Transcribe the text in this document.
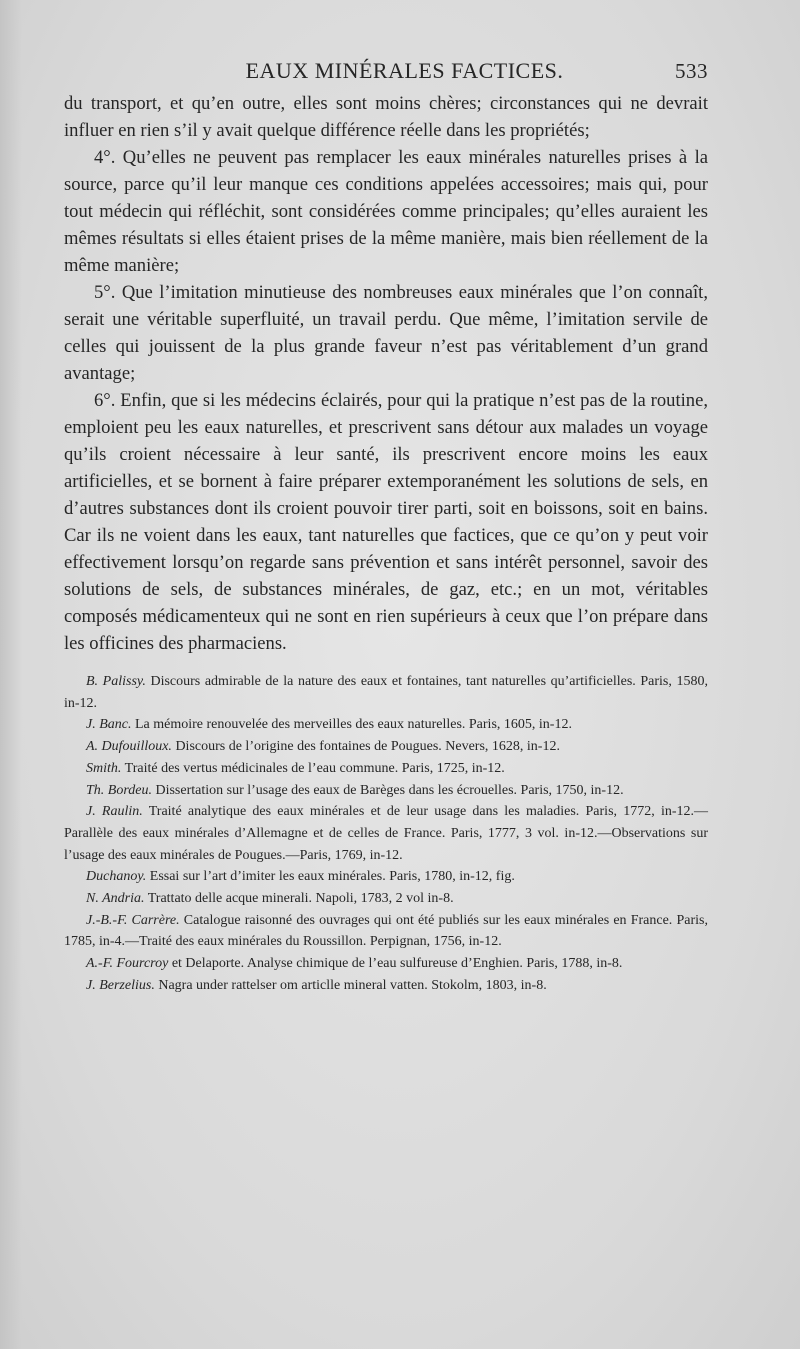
EAUX MINÉRALES FACTICES.	533

du transport, et qu’en outre, elles sont moins chères; circonstances qui ne devrait influer en rien s’il y avait quelque différence réelle dans les propriétés;

4°. Qu’elles ne peuvent pas remplacer les eaux minérales naturelles prises à la source, parce qu’il leur manque ces conditions appelées accessoires; mais qui, pour tout médecin qui réfléchit, sont considérées comme principales; qu’elles auraient les mêmes résultats si elles étaient prises de la même manière, mais bien réellement de la même manière;

5°. Que l’imitation minutieuse des nombreuses eaux minérales que l’on connaît, serait une véritable superfluité, un travail perdu. Que même, l’imitation servile de celles qui jouissent de la plus grande faveur n’est pas véritablement d’un grand avantage;

6°. Enfin, que si les médecins éclairés, pour qui la pratique n’est pas de la routine, emploient peu les eaux naturelles, et prescrivent sans détour aux malades un voyage qu’ils croient nécessaire à leur santé, ils prescrivent encore moins les eaux artificielles, et se bornent à faire préparer extemporanément les solutions de sels, en d’autres substances dont ils croient pouvoir tirer parti, soit en boissons, soit en bains. Car ils ne voient dans les eaux, tant naturelles que factices, que ce qu’on y peut voir effectivement lorsqu’on regarde sans prévention et sans intérêt personnel, savoir des solutions de sels, de substances minérales, de gaz, etc.; en un mot, véritables composés médicamenteux qui ne sont en rien supérieurs à ceux que l’on prépare dans les officines des pharmaciens.

B. Palissy. Discours admirable de la nature des eaux et fontaines, tant naturelles qu’artificielles. Paris, 1580, in-12.

J. Banc. La mémoire renouvelée des merveilles des eaux naturelles. Paris, 1605, in-12.

A. Dufouilloux. Discours de l’origine des fontaines de Pougues. Nevers, 1628, in-12.

Smith. Traité des vertus médicinales de l’eau commune. Paris, 1725, in-12.

Th. Bordeu. Dissertation sur l’usage des eaux de Barèges dans les écrouelles. Paris, 1750, in-12.

J. Raulin. Traité analytique des eaux minérales et de leur usage dans les maladies. Paris, 1772, in-12.—Parallèle des eaux minérales d’Allemagne et de celles de France. Paris, 1777, 3 vol. in-12.—Observations sur l’usage des eaux minérales de Pougues.—Paris, 1769, in-12.

Duchanoy. Essai sur l’art d’imiter les eaux minérales. Paris, 1780, in-12, fig.

N. Andria. Trattato delle acque minerali. Napoli, 1783, 2 vol in-8.

J.-B.-F. Carrère. Catalogue raisonné des ouvrages qui ont été publiés sur les eaux minérales en France. Paris, 1785, in-4.—Traité des eaux minérales du Roussillon. Perpignan, 1756, in-12.

A.-F. Fourcroy et Delaporte. Analyse chimique de l’eau sulfureuse d’Enghien. Paris, 1788, in-8.

J. Berzelius. Nagra under rattelser om articlle mineral vatten. Stokolm, 1803, in-8.
